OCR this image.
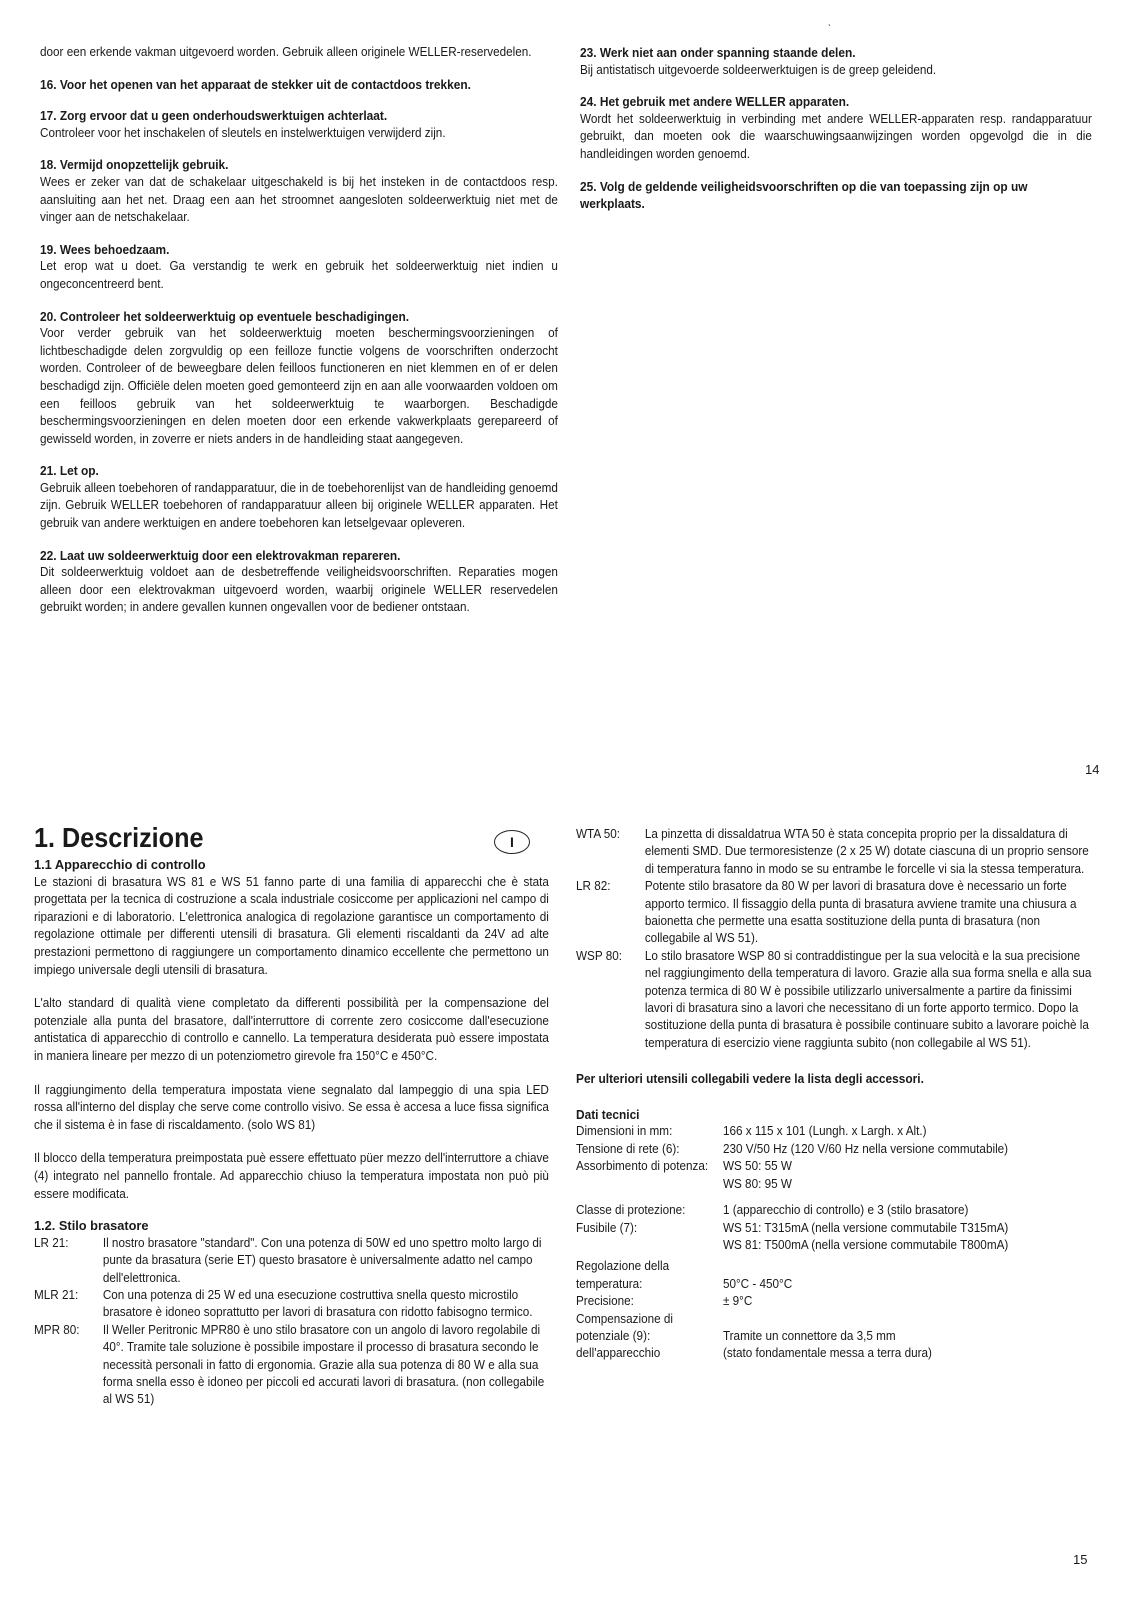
door een erkende vakman uitgevoerd worden. Gebruik alleen originele WELLER-reservedelen.

16. Voor het openen van het apparaat de stekker uit de contactdoos trekken.

17. Zorg ervoor dat u geen onderhoudswerktuigen achterlaat.

Controleer voor het inschakelen of sleutels en instelwerktuigen verwijderd zijn.

18. Vermijd onopzettelijk gebruik.

Wees er zeker van dat de schakelaar uitgeschakeld is bij het insteken in de contactdoos resp. aansluiting aan het net. Draag een aan het stroomnet aangesloten soldeerwerktuig niet met de vinger aan de netschakelaar.

19. Wees behoedzaam.

Let erop wat u doet. Ga verstandig te werk en gebruik het soldeerwerktuig niet indien u ongeconcentreerd bent.

20. Controleer het soldeerwerktuig op eventuele beschadigingen.

Voor verder gebruik van het soldeerwerktuig moeten beschermingsvoorzieningen of lichtbeschadigde delen zorgvuldig op een feilloze functie volgens de voorschriften onderzocht worden. Controleer of de beweegbare delen feilloos functioneren en niet klemmen en of er delen beschadigd zijn. Officiële delen moeten goed gemonteerd zijn en aan alle voorwaarden voldoen om een feilloos gebruik van het soldeerwerktuig te waarborgen. Beschadigde beschermingsvoorzieningen en delen moeten door een erkende vakwerkplaats gerepareerd of gewisseld worden, in zoverre er niets anders in de handleiding staat aangegeven.

21. Let op.

Gebruik alleen toebehoren of randapparatuur, die in de toebehorenlijst van de handleiding genoemd zijn. Gebruik WELLER toebehoren of randapparatuur alleen bij originele WELLER apparaten. Het gebruik van andere werktuigen en andere toebehoren kan letselgevaar opleveren.

22. Laat uw soldeerwerktuig door een elektrovakman repareren.

Dit soldeerwerktuig voldoet aan de desbetreffende veiligheidsvoorschriften. Reparaties mogen alleen door een elektrovakman uitgevoerd worden, waarbij originele WELLER reservedelen gebruikt worden; in andere gevallen kunnen ongevallen voor de bediener ontstaan.

ˎ

23. Werk niet aan onder spanning staande delen.

Bij antistatisch uitgevoerde soldeerwerktuigen is de greep geleidend.

24. Het gebruik met andere WELLER apparaten.

Wordt het soldeerwerktuig in verbinding met andere WELLER-apparaten resp. randapparatuur gebruikt, dan moeten ook die waarschuwingsaanwijzingen worden opgevolgd die in die handleidingen worden genoemd.

25. Volg de geldende veiligheidsvoorschriften op die van toepassing zijn op uw werkplaats.

14
1. Descrizione
1.1 Apparecchio di controllo

Le stazioni di brasatura WS 81 e WS 51 fanno parte di una familia di apparecchi che è stata progettata per la tecnica di costruzione a scala industriale cosiccome per applicazioni nel campo di riparazioni e di laboratorio. L'elettronica analogica di regolazione garantisce un comportamento di regolazione ottimale per differenti utensili di brasatura. Gli elementi riscaldanti da 24V ad alte prestazioni permettono di raggiungere un comportamento dinamico eccellente che permettono un impiego universale degli utensili di brasatura.

L'alto standard di qualità viene completato da differenti possibilità per la compensazione del potenziale alla punta del brasatore, dall'interruttore di corrente zero cosiccome dall'esecuzione antistatica di apparecchio di controllo e cannello. La temperatura desiderata può essere impostata in maniera lineare per mezzo di un potenziometro girevole fra 150°C e 450°C.

Il raggiungimento della temperatura impostata viene segnalato dal lampeggio di una spia LED rossa all'interno del display che serve come controllo visivo. Se essa è accesa a luce fissa significa che il sistema è in fase di riscaldamento. (solo WS 81)

Il blocco della temperatura preimpostata puè essere effettuato püer mezzo dell'interruttore a chiave (4) integrato nel pannello frontale. Ad apparecchio chiuso la temperatura impostata non può più essere modificata.

1.2. Stilo brasatore
LR 21:	Il nostro brasatore "standard". Con una potenza di 50W ed uno spettro molto largo di punte da brasatura (serie ET) questo brasatore è universalmente adatto nel campo dell'elettronica.
MLR 21:	Con una potenza di 25 W ed una esecuzione costruttiva snella questo microstilo brasatore è idoneo soprattutto per lavori di brasatura con ridotto fabisogno termico.
MPR 80:	Il Weller Peritronic MPR80 è uno stilo brasatore con un angolo di lavoro regolabile di 40°. Tramite tale soluzione è possibile impostare il processo di brasatura secondo le necessità personali in fatto di ergonomia. Grazie alla sua potenza di 80 W e alla sua forma snella esso è idoneo per piccoli ed accurati lavori di brasatura. (non collegabile al WS 51)
I	WTA 50:	La pinzetta di dissaldatrua WTA 50 è stata concepita proprio per la dissaldatura di elementi SMD. Due termoresistenze (2 x 25 W) dotate ciascuna di un proprio sensore di temperatura fanno in modo se su entrambe le forcelle vi sia la stessa temperatura.
LR 82:	Potente stilo brasatore da 80 W per lavori di brasatura dove è necessario un forte apporto termico. Il fissaggio della punta di brasatura avviene tramite una chiusura a baionetta che permette una esatta sostituzione della punta di brasatura (non collegabile al WS 51).
WSP 80:	Lo stilo brasatore WSP 80 si contraddistingue per la sua velocità e la sua precisione nel raggiungimento della temperatura di lavoro. Grazie alla sua forma snella e alla sua potenza termica di 80 W è possibile utilizzarlo universalmente a partire da finissimi lavori di brasatura sino a lavori che necessitano di un forte apporto termico. Dopo la sostituzione della punta di brasatura è possibile continuare subito a lavorare poichè la temperatura di esercizio viene raggiunta subito (non collegabile al WS 51).
Per ulteriori utensili collegabili vedere la lista degli accessori.
Dati tecnici
Dimensioni in mm:	166 x 115 x 101 (Lungh. x Largh. x Alt.)
Tensione di rete (6):	230 V/50 Hz (120 V/60 Hz nella versione commutabile)
Assorbimento di potenza:	WS 50: 55 W
WS 80: 95 W
Classe di protezione:	1 (apparecchio di controllo) e 3 (stilo brasatore)
Fusibile (7):	WS 51: T315mA (nella versione commutabile T315mA)
WS 81: T500mA (nella versione commutabile T800mA)
Regolazione della
temperatura:	50°C - 450°C
Precisione:	± 9°C
Compensazione di
potenziale (9):	Tramite un connettore da 3,5 mm
dell'apparecchio	(stato fondamentale messa a terra dura)
15
